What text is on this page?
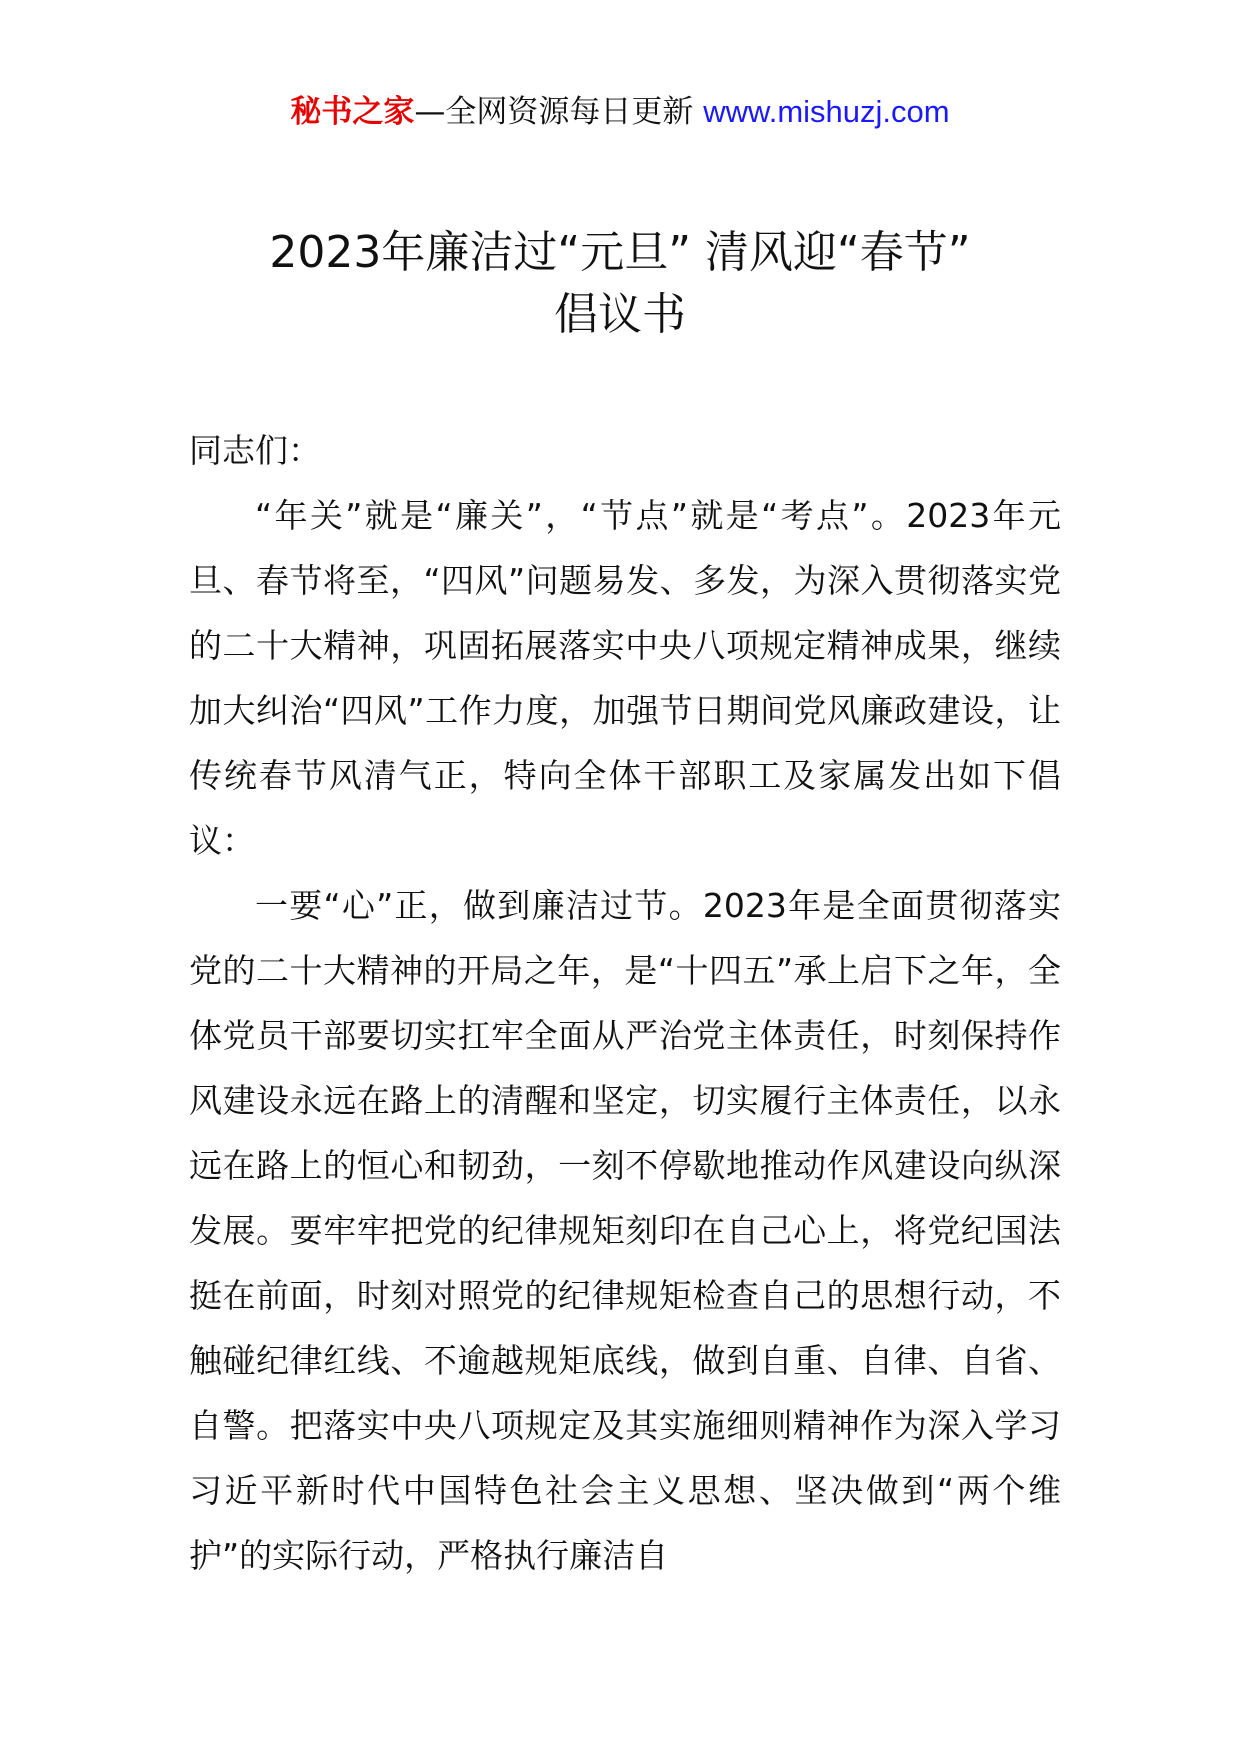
秘书之家—全网资源每日更新 www.mishuzj.com
2023年廉洁过“元旦” 清风迎“春节”
倡议书

同志们：

“年关”就是“廉关”，“节点”就是“考点”。2023年元旦、春节将至，“四风”问题易发、多发，为深入贯彻落实党的二十大精神，巩固拓展落实中央八项规定精神成果，继续加大纠治“四风”工作力度，加强节日期间党风廉政建设，让传统春节风清气正，特向全体干部职工及家属发出如下倡议：

一要“心”正，做到廉洁过节。2023年是全面贯彻落实党的二十大精神的开局之年，是“十四五”承上启下之年，全体党员干部要切实扛牢全面从严治党主体责任，时刻保持作风建设永远在路上的清醒和坚定，切实履行主体责任，以永远在路上的恒心和韧劲，一刻不停歇地推动作风建设向纵深发展。要牢牢把党的纪律规矩刻印在自己心上，将党纪国法挺在前面，时刻对照党的纪律规矩检查自己的思想行动，不触碰纪律红线、不逾越规矩底线，做到自重、自律、自省、自警。把落实中央八项规定及其实施细则精神作为深入学习习近平新时代中国特色社会主义思想、坚决做到“两个维护”的实际行动，严格执行廉洁自
